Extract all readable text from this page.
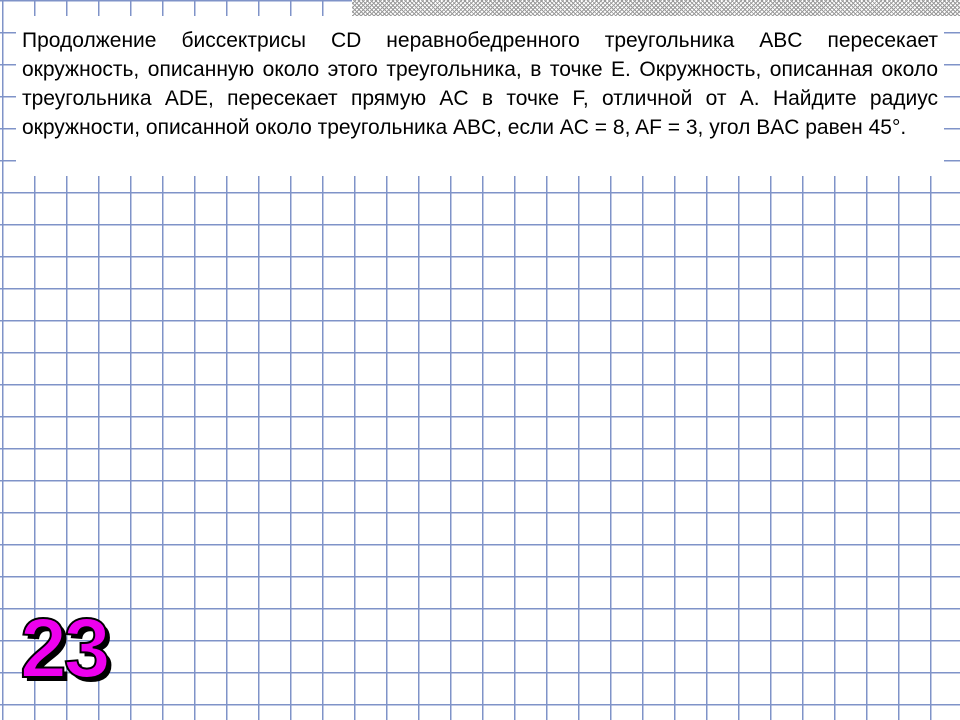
Продолжение биссектрисы CD неравнобедренного треугольника ABC пересекает окружность, описанную около этого треугольника, в точке E. Окружность, описанная около треугольника ADE, пересекает прямую AC в точке F, отличной от A. Найдите радиус окружности, описанной около треугольника ABC, если AC = 8, AF = 3, угол BAC равен 45°.

23
